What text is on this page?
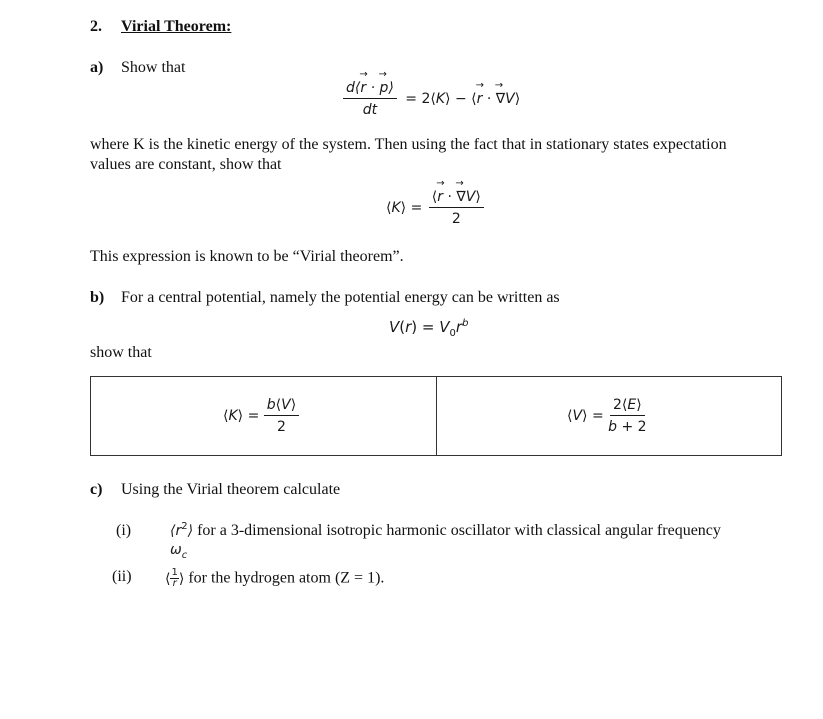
2. Virial Theorem:
a) Show that
$\frac{d⟨\to r \cdot \to p⟩}{dt}$ = 2⟨K⟩ − ⟨→ r · → ∇V⟩
where K is the kinetic energy of the system. Then using the fact that in stationary states expectation
values are constant, show that
⟨K⟩ = $\frac{⟨\to r \cdot \to \nabla V⟩}{2}$
This expression is known to be “Virial theorem”.
b) For a central potential, namely the potential energy can be written as
$V(r) = V_0r^b$
show that
⟨K⟩ = $\frac{b⟨V⟩}{2}$	⟨V⟩ = $\frac{2⟨E⟩}{b + 2}$
c) Using the Virial theorem calculate
(i)	$⟨r^2⟩$ for a 3-dimensional isotropic harmonic oscillator with classical angular frequency
$\omega_c$
(ii) ⟨ $\frac{1}{r}$ ⟩ for the hydrogen atom (Z = 1).
